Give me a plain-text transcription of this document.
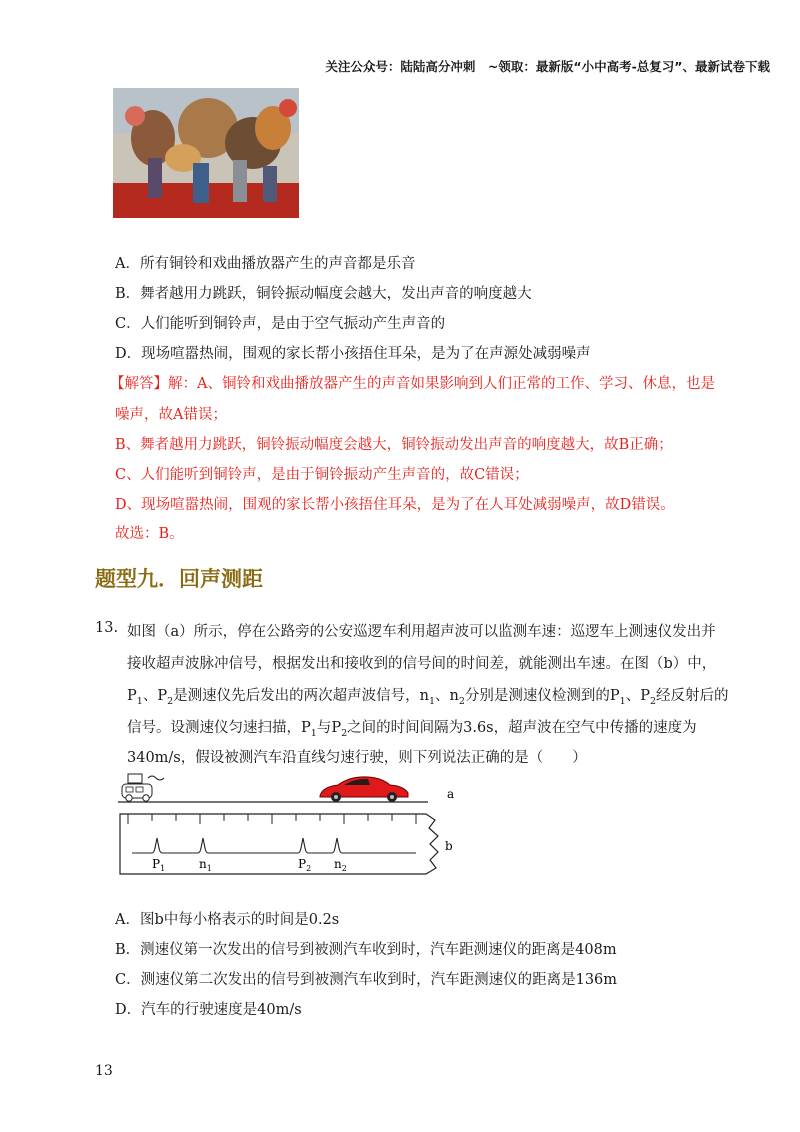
关注公众号：陆陆高分冲刺　~领取：最新版“小中高考-总复习”、最新试卷下载
A．所有铜铃和戏曲播放器产生的声音都是乐音
B．舞者越用力跳跃，铜铃振动幅度会越大，发出声音的响度越大
C．人们能听到铜铃声，是由于空气振动产生声音的
D．现场喧嚣热闹，围观的家长帮小孩捂住耳朵，是为了在声源处减弱噪声
【解答】解：A、铜铃和戏曲播放器产生的声音如果影响到人们正常的工作、学习、休息，也是
噪声，故A错误；
B、舞者越用力跳跃，铜铃振动幅度会越大，铜铃振动发出声音的响度越大，故B正确；
C、人们能听到铜铃声，是由于铜铃振动产生声音的，故C错误；
D、现场喧嚣热闹，围观的家长帮小孩捂住耳朵，是为了在人耳处减弱噪声，故D错误。
故选：B。
题型九．回声测距
13. 如图（a）所示，停在公路旁的公安巡逻车利用超声波可以监测车速：巡逻车上测速仪发出并
接收超声波脉冲信号，根据发出和接收到的信号间的时间差，就能测出车速。在图（b）中，
$P_1$、$P_2$是测速仪先后发出的两次超声波信号，$n_1$、$n_2$分别是测速仪检测到的$P_1$、$P_2$经反射后的
信号。设测速仪匀速扫描，$P_1$与$P_2$之间的时间间隔为3.6s，超声波在空气中传播的速度为
340m/s，假设被测汽车沿直线匀速行驶，则下列说法正确的是（　　）
a
$P_1$	$n_1$	$P_2$ $n_2$
b
A．图b中每小格表示的时间是0.2s
B．测速仪第一次发出的信号到被测汽车收到时，汽车距测速仪的距离是408m
C．测速仪第二次发出的信号到被测汽车收到时，汽车距测速仪的距离是136m
D．汽车的行驶速度是40m/s
13
